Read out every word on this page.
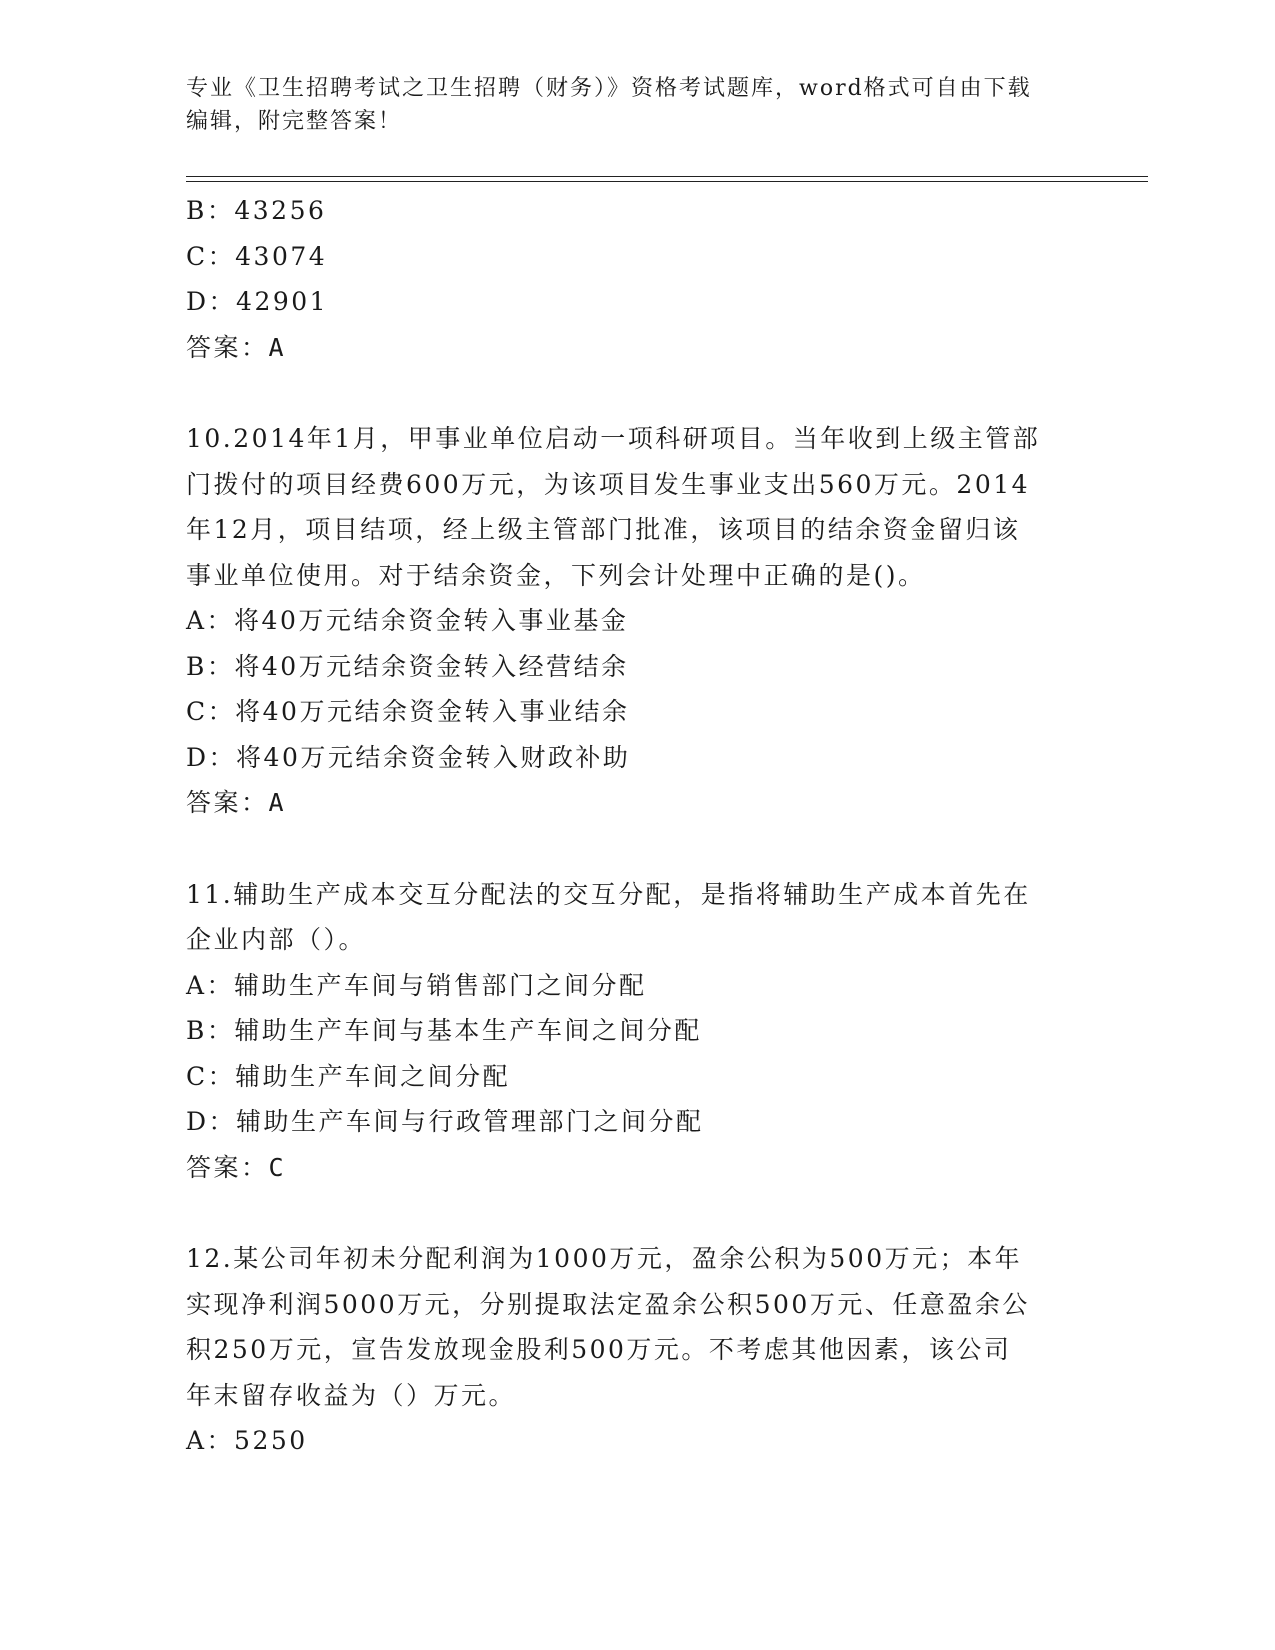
专业《卫生招聘考试之卫生招聘（财务）》资格考试题库，word格式可自由下载
编辑，附完整答案！
B：43256
C：43074
D：42901
答案：A
10.2014年1月，甲事业单位启动一项科研项目。当年收到上级主管部
门拨付的项目经费600万元，为该项目发生事业支出560万元。2014
年12月，项目结项，经上级主管部门批准，该项目的结余资金留归该
事业单位使用。对于结余资金，下列会计处理中正确的是()。
A：将40万元结余资金转入事业基金
B：将40万元结余资金转入经营结余
C：将40万元结余资金转入事业结余
D：将40万元结余资金转入财政补助
答案：A
11.辅助生产成本交互分配法的交互分配，是指将辅助生产成本首先在
企业内部（）。
A：辅助生产车间与销售部门之间分配
B：辅助生产车间与基本生产车间之间分配
C：辅助生产车间之间分配
D：辅助生产车间与行政管理部门之间分配
答案：C
12.某公司年初未分配利润为1000万元，盈余公积为500万元；本年
实现净利润5000万元，分别提取法定盈余公积500万元、任意盈余公
积250万元，宣告发放现金股利500万元。不考虑其他因素，该公司
年末留存收益为（）万元。
A：5250
